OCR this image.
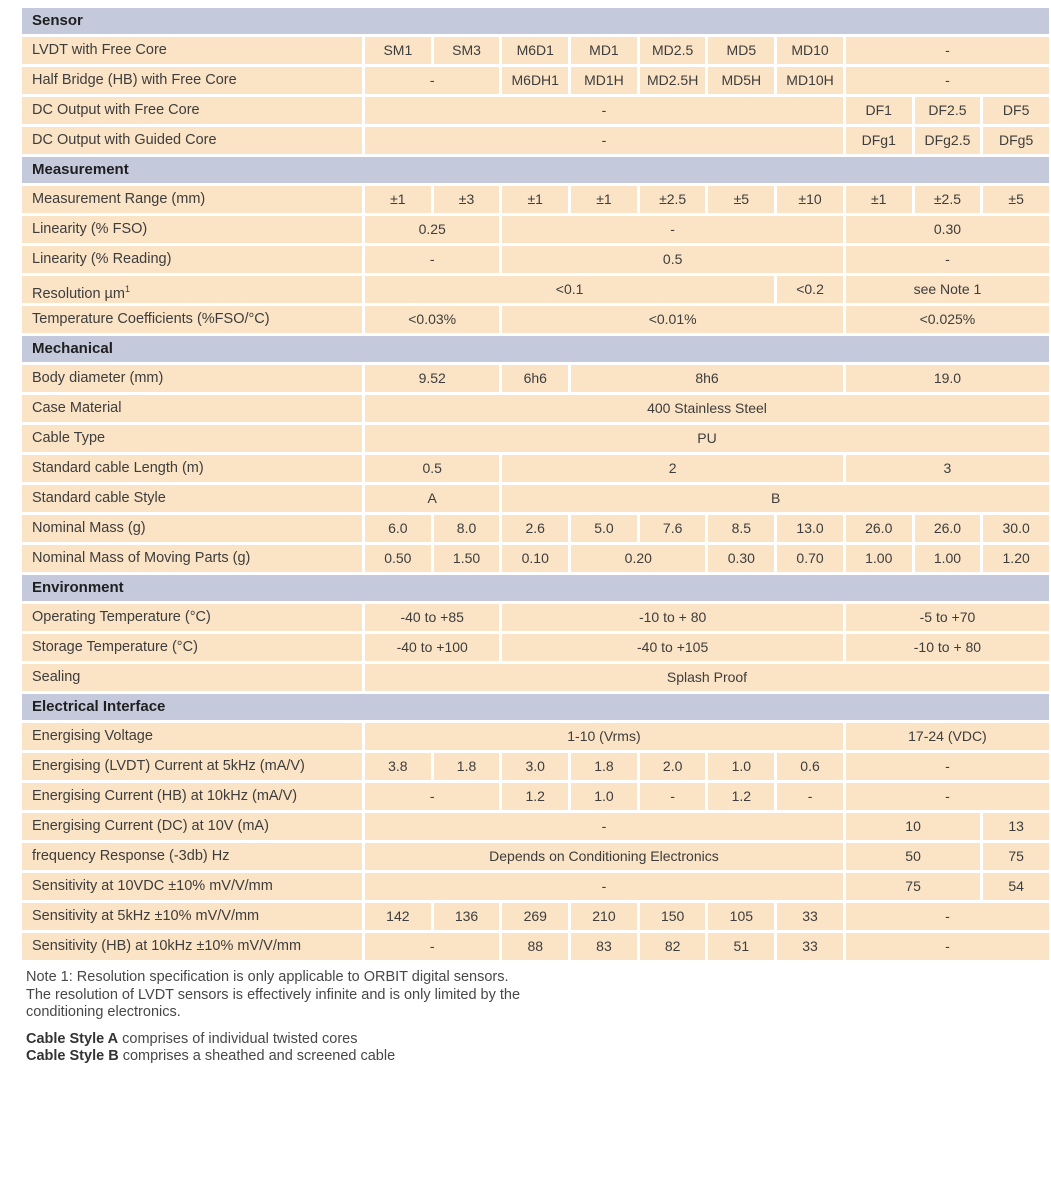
Sensor
LVDT with Free Core	SM1	SM3	M6D1	MD1	MD2.5	MD5	MD10	-
Half Bridge (HB) with Free Core	-	M6DH1	MD1H	MD2.5H	MD5H	MD10H	-
DC Output with Free Core	-	DF1	DF2.5	DF5
DC Output with Guided Core	-	DFg1	DFg2.5	DFg5
Measurement
Measurement Range (mm)	±1	±3	±1	±1	±2.5	±5	±10	±1	±2.5	±5
Linearity (% FSO)	0.25	-	0.30
Linearity (% Reading)	-	0.5	-
Resolution µm$^1$	<0.1	<0.2	see Note 1
Temperature Coefficients (%FSO/°C)	<0.03%	<0.01%	<0.025%
Mechanical
Body diameter (mm)	9.52	6h6	8h6	19.0
Case Material	400 Stainless Steel
Cable Type	PU
Standard cable Length (m)	0.5	2	3
Standard cable Style	A	B
Nominal Mass (g)	6.0	8.0	2.6	5.0	7.6	8.5	13.0	26.0	26.0	30.0
Nominal Mass of Moving Parts (g)	0.50	1.50	0.10	0.20	0.30	0.70	1.00	1.00	1.20
Environment
Operating Temperature (°C)	-40 to +85	-10 to + 80	-5 to +70
Storage Temperature (°C)	-40 to +100	-40 to +105	-10 to + 80
Sealing	Splash Proof
Electrical Interface
Energising Voltage	1-10 (Vrms)	17-24 (VDC)
Energising (LVDT) Current at 5kHz (mA/V)	3.8	1.8	3.0	1.8	2.0	1.0	0.6	-
Energising Current (HB) at 10kHz (mA/V)	-	1.2	1.0	-	1.2	-	-
Energising Current (DC) at 10V (mA)	-	10	13
frequency Response (-3db) Hz	Depends on Conditioning Electronics	50	75
Sensitivity at 10VDC ±10% mV/V/mm	-	75	54
Sensitivity at 5kHz ±10% mV/V/mm	142	136	269	210	150	105	33	-
Sensitivity (HB) at 10kHz ±10% mV/V/mm	-	88	83	82	51	33	-
Note 1: Resolution specification is only applicable to ORBIT digital sensors.
The resolution of LVDT sensors is effectively infinite and is only limited by the
conditioning electronics.
Cable Style A comprises of individual twisted cores
Cable Style B comprises a sheathed and screened cable
